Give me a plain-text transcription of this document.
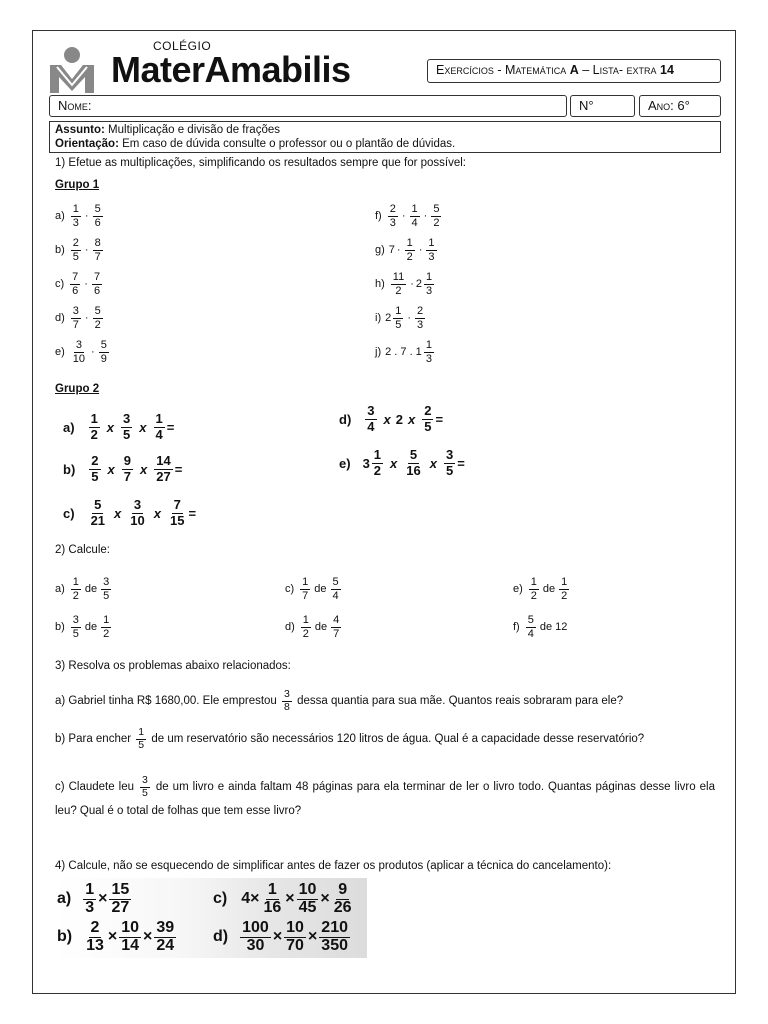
COLÉGIO
MaterAmabilis	Exercícios - Matemática A – Lista- extra 14
Nome:	N°	Ano: 6°
Assunto: Multiplicação e divisão de frações
Orientação: Em caso de dúvida consulte o professor ou o plantão de dúvidas.
1) Efetue as multiplicações, simplificando os resultados sempre que for possível:
Grupo 1
a)
1
3
·
5
6
b)
2
5
·
8
7
c)
7
6
·
7
6
d)
3
7
·
5
2
e)
3
10
·
5
9
f)
2
3
·
1
4
·
5
2
g) 7 ·
1
2
·
1
3
h)
11
2
· 2
1
3
i) 2
1
5
·
2
3
j) 2 . 7 . 1
1
3
Grupo 2
a)
1
2 x
3
5 x $\frac{1}{4}$ =
b)
2
5 x
9
7 x $\frac{14}{27}$ =
c)
5
21 x
3
10 x $\frac{7}{15}$ =
d)
3
4 x 2 x $\frac{2}{5}$ =
e) 3
1
2 x
5
16 x $\frac{3}{5}$ =
2) Calcule:
a)
1
2
de
3
5
b)
3
5
de
1
2
c)
1
7
de
5
4
d)
1
2
de
4
7
e)
1
2
de
1
2
f)
5
4
de 12
3) Resolva os problemas abaixo relacionados:
a) Gabriel tinha R$ 1680,00. Ele emprestou $\frac{3}{8}$ dessa quantia para sua mãe. Quantos reais sobraram para ele?
b) Para encher $\frac{1}{5}$ de um reservatório são necessários 120 litros de água. Qual é a capacidade desse reservatório?
c) Claudete leu $\frac{3}{5}$ de um livro e ainda faltam 48 páginas para ela terminar de ler o livro todo. Quantas páginas desse livro ela leu? Qual é o total de folhas que tem esse livro?
4) Calcule, não se esquecendo de simplificar antes de fazer os produtos (aplicar a técnica do cancelamento):
$a) \frac{1}{3} \times \frac{15}{27}$
$b) \frac{2}{13} \times \frac{10}{14} \times \frac{39}{24}$
c) $4 \times \frac{1}{16} \times \frac{10}{45} \times \frac{9}{26}$
$d) \frac{100}{30} \times \frac{10}{70} \times \frac{210}{350}$
